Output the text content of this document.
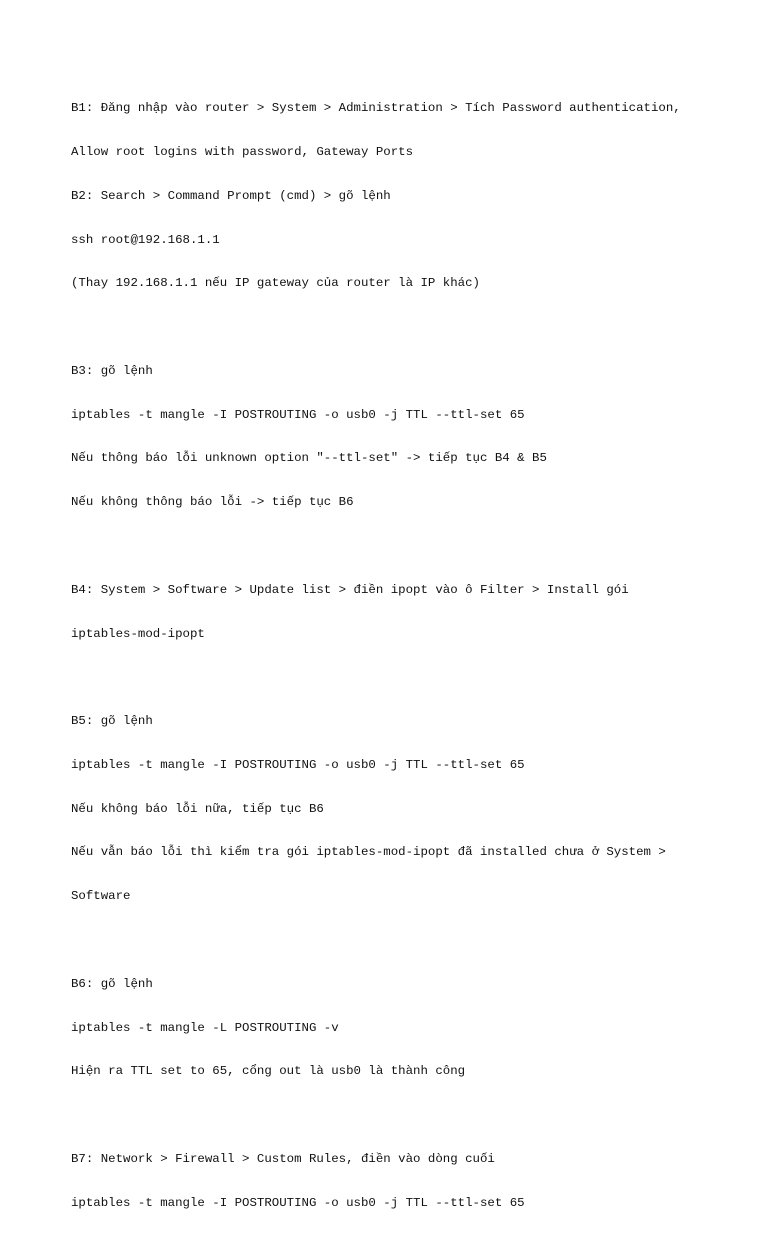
B1: Đăng nhập vào router > System > Administration > Tích Password authentication,

Allow root logins with password, Gateway Ports

B2: Search > Command Prompt (cmd) > gõ lệnh

ssh root@192.168.1.1

(Thay 192.168.1.1 nếu IP gateway của router là IP khác)

B3: gõ lệnh

iptables -t mangle -I POSTROUTING -o usb0 -j TTL --ttl-set 65

Nếu thông báo lỗi unknown option "--ttl-set" -> tiếp tục B4 & B5

Nếu không thông báo lỗi -> tiếp tục B6

B4: System > Software > Update list > điền ipopt vào ô Filter > Install gói

iptables-mod-ipopt

B5: gõ lệnh

iptables -t mangle -I POSTROUTING -o usb0 -j TTL --ttl-set 65

Nếu không báo lỗi nữa, tiếp tục B6

Nếu vẫn báo lỗi thì kiểm tra gói iptables-mod-ipopt đã installed chưa ở System >

Software

B6: gõ lệnh

iptables -t mangle -L POSTROUTING -v

Hiện ra TTL set to 65, cổng out là usb0 là thành công

B7: Network > Firewall > Custom Rules, điền vào dòng cuối

iptables -t mangle -I POSTROUTING -o usb0 -j TTL --ttl-set 65
